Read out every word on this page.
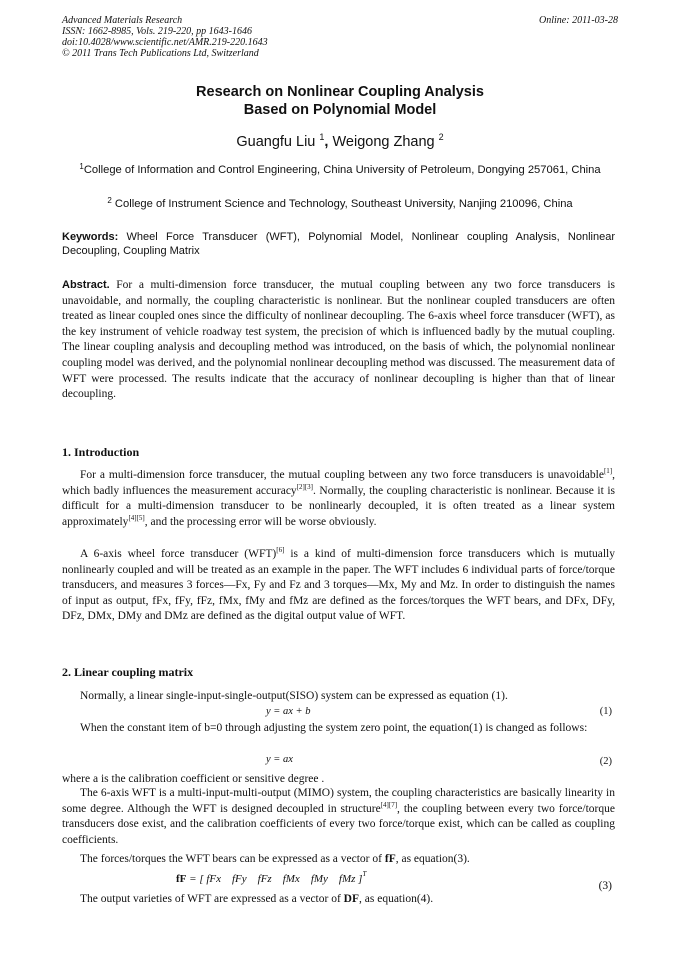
Advanced Materials Research
ISSN: 1662-8985, Vols. 219-220, pp 1643-1646
doi:10.4028/www.scientific.net/AMR.219-220.1643
© 2011 Trans Tech Publications Ltd, Switzerland
Online: 2011-03-28
Research on Nonlinear Coupling Analysis
Based on Polynomial Model
Guangfu Liu $^1$, Weigong Zhang $^2$
$^1$College of Information and Control Engineering, China University of Petroleum, Dongying 257061, China
$^2$ College of Instrument Science and Technology, Southeast University, Nanjing 210096, China
Keywords: Wheel Force Transducer (WFT), Polynomial Model, Nonlinear coupling Analysis, Nonlinear Decoupling, Coupling Matrix
Abstract. For a multi-dimension force transducer, the mutual coupling between any two force transducers is unavoidable, and normally, the coupling characteristic is nonlinear. But the nonlinear coupled transducers are often treated as linear coupled ones since the difficulty of nonlinear decoupling. The 6-axis wheel force transducer (WFT), as the key instrument of vehicle roadway test system, the precision of which is influenced badly by the mutual coupling. The linear coupling analysis and decoupling method was introduced, on the basis of which, the polynomial nonlinear coupling model was derived, and the polynomial nonlinear decoupling method was discussed. The measurement data of WFT were processed. The results indicate that the accuracy of nonlinear decoupling is higher than that of linear decoupling.
1. Introduction
For a multi-dimension force transducer, the mutual coupling between any two force transducers is unavoidable[1], which badly influences the measurement accuracy[2][3]. Normally, the coupling characteristic is nonlinear. Because it is difficult for a multi-dimension transducer to be nonlinearly decoupled, it is often treated as a linear system approximately[4][5], and the processing error will be worse obviously.
A 6-axis wheel force transducer (WFT)[6] is a kind of multi-dimension force transducers which is mutually nonlinearly coupled and will be treated as an example in the paper. The WFT includes 6 individual parts of force/torque transducers, and measures 3 forces—Fx, Fy and Fz and 3 torques—Mx, My and Mz. In order to distinguish the names of input as output, fFx, fFy, fFz, fMx, fMy and fMz are defined as the forces/torques the WFT bears, and DFx, DFy, DFz, DMx, DMy and DMz are defined as the digital output value of WFT.
2. Linear coupling matrix
Normally, a linear single-input-single-output(SISO) system can be expressed as equation (1).
y = ax + b	(1)
When the constant item of b=0 through adjusting the system zero point, the equation(1) is changed as follows:
y = ax	(2)
where a is the calibration coefficient or sensitive degree .
The 6-axis WFT is a multi-input-multi-output (MIMO) system, the coupling characteristics are basically linearity in some degree. Although the WFT is designed decoupled in structure[4][7], the coupling between every two force/torque transducers dose exist, and the calibration coefficients of every two force/torque exist, which can be called as coupling coefficients.
The forces/torques the WFT bears can be expressed as a vector of fF, as equation(3).
fF = [ fFx    fFy    fFz    fMx    fMy    fMz ]$^T$
(3)
The output varieties of WFT are expressed as a vector of DF, as equation(4).
